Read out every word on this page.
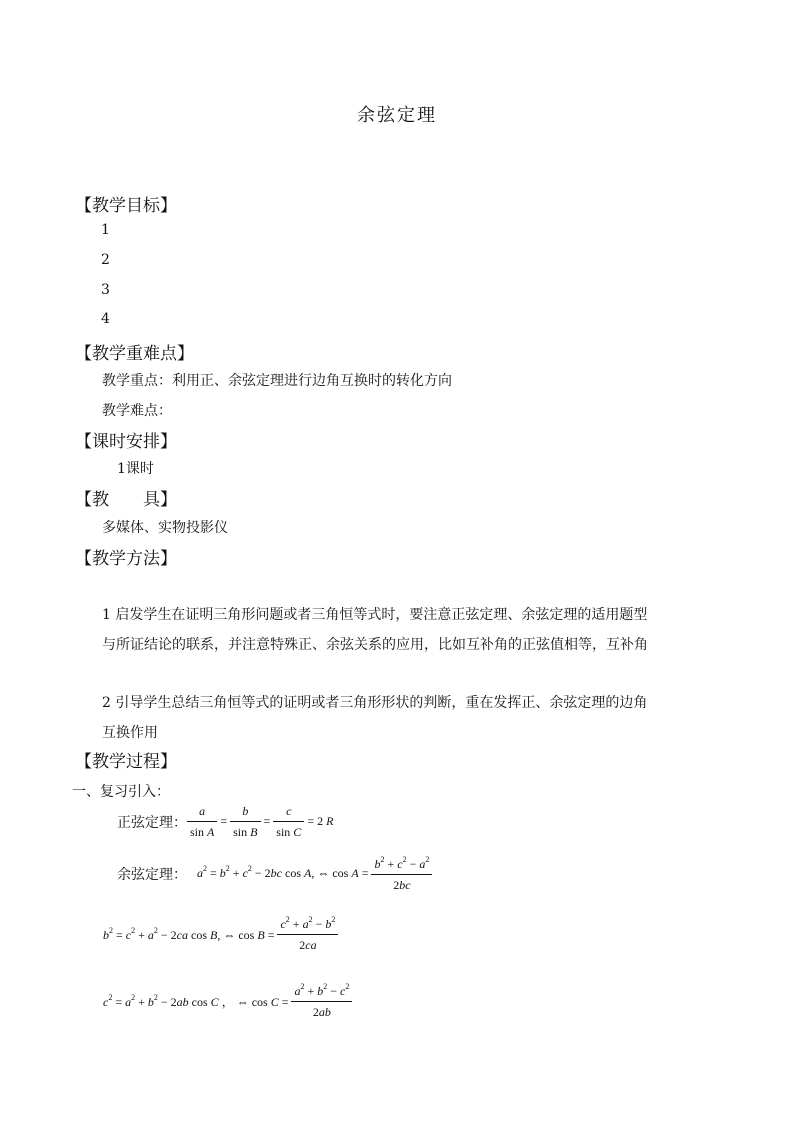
余弦定理
【教学目标】
1
2
3
4
【教学重难点】
教学重点：利用正、余弦定理进行边角互换时的转化方向
教学难点：
【课时安排】
1课时
【教　　具】
多媒体、实物投影仪
【教学方法】
1 启发学生在证明三角形问题或者三角恒等式时，要注意正弦定理、余弦定理的适用题型
与所证结论的联系，并注意特殊正、余弦关系的应用，比如互补角的正弦值相等，互补角
2 引导学生总结三角恒等式的证明或者三角形形状的判断，重在发挥正、余弦定理的边角
互换作用
【教学过程】
一、复习引入：
正弦定理： $\frac{a}{\text{sin A}} = \frac{b}{\text{sin B}} = \frac{c}{\text{sin C}} = 2$ R
余弦定理： $a^2 = b^2 + c^2 - 2bc$ cos A, ⇔ $\cos A = \frac{b^2 + c^2 - a^2}{2bc}$
$b^2 = c^2 + a^2 - 2ca$ cos B, ⇔ $\cos B = \frac{c^2 + a^2 - b^2}{2ca}$
$c^2 = a^2 + b^2 - 2ab$ cos C ， ⇔ $\cos C = \frac{a^2 + b^2 - c^2}{2ab}$
